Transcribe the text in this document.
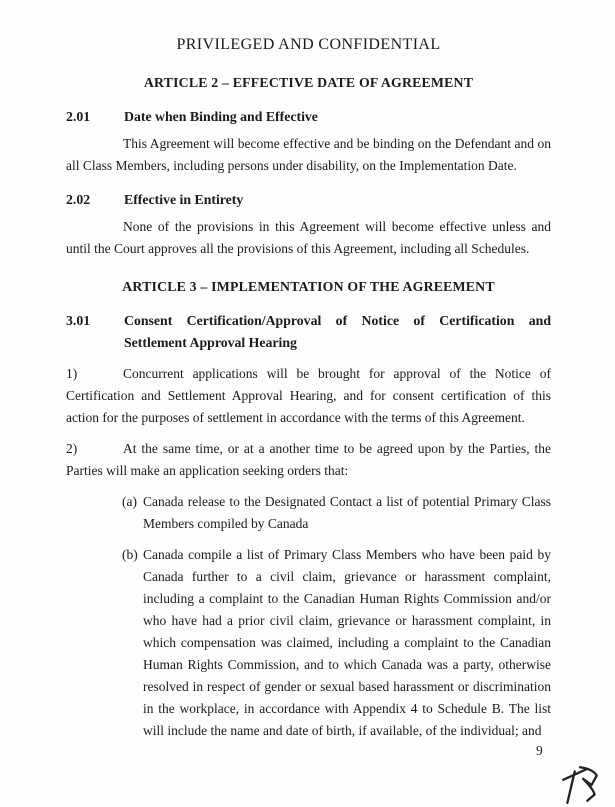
PRIVILEGED AND CONFIDENTIAL
ARTICLE 2 – EFFECTIVE DATE OF AGREEMENT
2.01 Date when Binding and Effective

This Agreement will become effective and be binding on the Defendant and on all Class Members, including persons under disability, on the Implementation Date.

2.02 Effective in Entirety

None of the provisions in this Agreement will become effective unless and until the Court approves all the provisions of this Agreement, including all Schedules.

ARTICLE 3 – IMPLEMENTATION OF THE AGREEMENT
3.01 Consent Certification/Approval of Notice of Certification and Settlement Approval Hearing

1)	Concurrent applications will be brought for approval of the Notice of Certification and Settlement Approval Hearing, and for consent certification of this action for the purposes of settlement in accordance with the terms of this Agreement.

2)	At the same time, or at a another time to be agreed upon by the Parties, the Parties will make an application seeking orders that:

(a) Canada release to the Designated Contact a list of potential Primary Class Members compiled by Canada
(b) Canada compile a list of Primary Class Members who have been paid by Canada further to a civil claim, grievance or harassment complaint, including a complaint to the Canadian Human Rights Commission and/or who have had a prior civil claim, grievance or harassment complaint, in which compensation was claimed, including a complaint to the Canadian Human Rights Commission, and to which Canada was a party, otherwise resolved in respect of gender or sexual based harassment or discrimination in the workplace, in accordance with Appendix 4 to Schedule B. The list will include the name and date of birth, if available, of the individual; and
9
